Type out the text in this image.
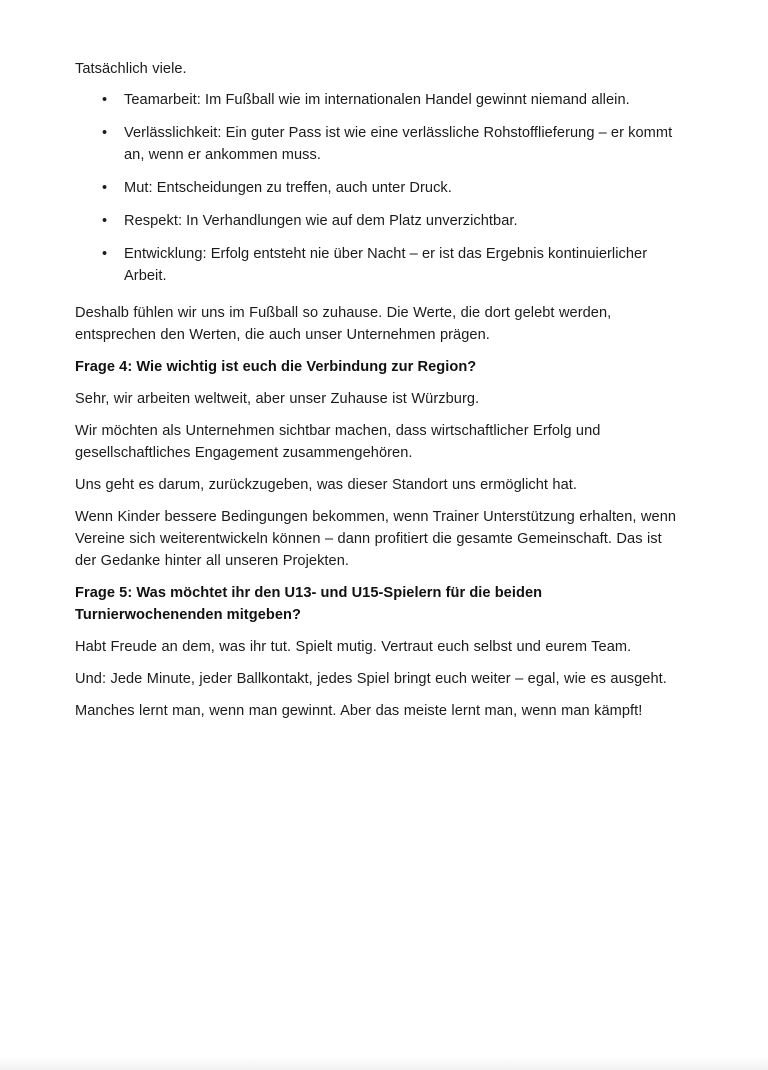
Tatsächlich viele.

• Teamarbeit: Im Fußball wie im internationalen Handel gewinnt niemand allein.
• Verlässlichkeit: Ein guter Pass ist wie eine verlässliche Rohstofflieferung – er kommt an, wenn er ankommen muss.
• Mut: Entscheidungen zu treffen, auch unter Druck.
• Respekt: In Verhandlungen wie auf dem Platz unverzichtbar.
• Entwicklung: Erfolg entsteht nie über Nacht – er ist das Ergebnis kontinuierlicher Arbeit.

Deshalb fühlen wir uns im Fußball so zuhause. Die Werte, die dort gelebt werden, entsprechen den Werten, die auch unser Unternehmen prägen.

Frage 4: Wie wichtig ist euch die Verbindung zur Region?

Sehr, wir arbeiten weltweit, aber unser Zuhause ist Würzburg.

Wir möchten als Unternehmen sichtbar machen, dass wirtschaftlicher Erfolg und gesellschaftliches Engagement zusammengehören.

Uns geht es darum, zurückzugeben, was dieser Standort uns ermöglicht hat.

Wenn Kinder bessere Bedingungen bekommen, wenn Trainer Unterstützung erhalten, wenn Vereine sich weiterentwickeln können – dann profitiert die gesamte Gemeinschaft. Das ist der Gedanke hinter all unseren Projekten.

Frage 5: Was möchtet ihr den U13- und U15-Spielern für die beiden Turnierwochenenden mitgeben?

Habt Freude an dem, was ihr tut. Spielt mutig. Vertraut euch selbst und eurem Team.

Und: Jede Minute, jeder Ballkontakt, jedes Spiel bringt euch weiter – egal, wie es ausgeht.

Manches lernt man, wenn man gewinnt. Aber das meiste lernt man, wenn man kämpft!
